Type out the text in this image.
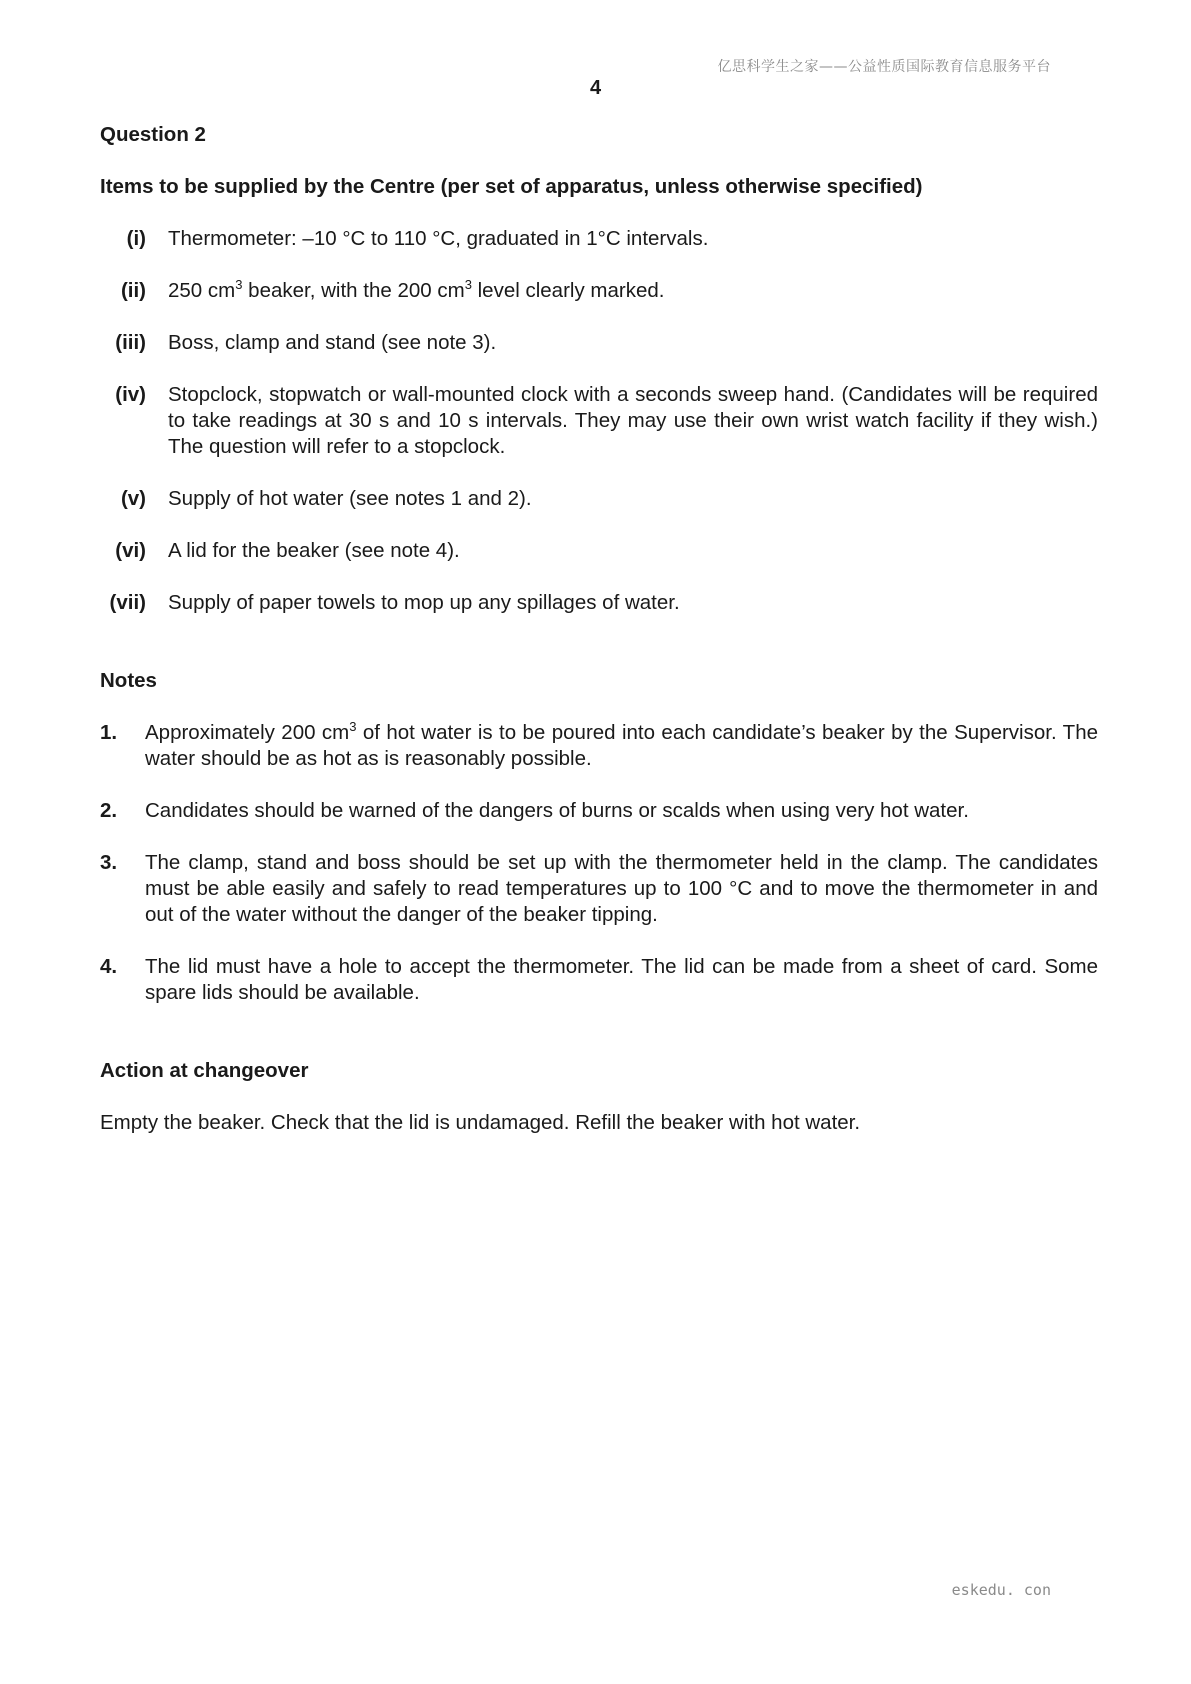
亿思科学生之家——公益性质国际教育信息服务平台
4

Question 2

Items to be supplied by the Centre (per set of apparatus, unless otherwise specified)

(i)	Thermometer: –10 °C to 110 °C, graduated in 1°C intervals.
(ii)	250 $cm^3$ beaker, with the 200 $cm^3$ level clearly marked.
(iii)	Boss, clamp and stand (see note 3).
(iv)	Stopclock, stopwatch or wall-mounted clock with a seconds sweep hand. (Candidates will be required to take readings at 30 s and 10 s intervals. They may use their own wrist watch facility if they wish.) The question will refer to a stopclock.
(v)	Supply of hot water (see notes 1 and 2).
(vi)	A lid for the beaker (see note 4).
(vii)	Supply of paper towels to mop up any spillages of water.

Notes

1.	Approximately 200 $cm^3$ of hot water is to be poured into each candidate’s beaker by the Supervisor. The water should be as hot as is reasonably possible.
2.	Candidates should be warned of the dangers of burns or scalds when using very hot water.
3.	The clamp, stand and boss should be set up with the thermometer held in the clamp. The candidates must be able easily and safely to read temperatures up to 100 °C and to move the thermometer in and out of the water without the danger of the beaker tipping.
4.	The lid must have a hole to accept the thermometer. The lid can be made from a sheet of card. Some spare lids should be available.

Action at changeover

Empty the beaker. Check that the lid is undamaged. Refill the beaker with hot water.

eskedu. con
